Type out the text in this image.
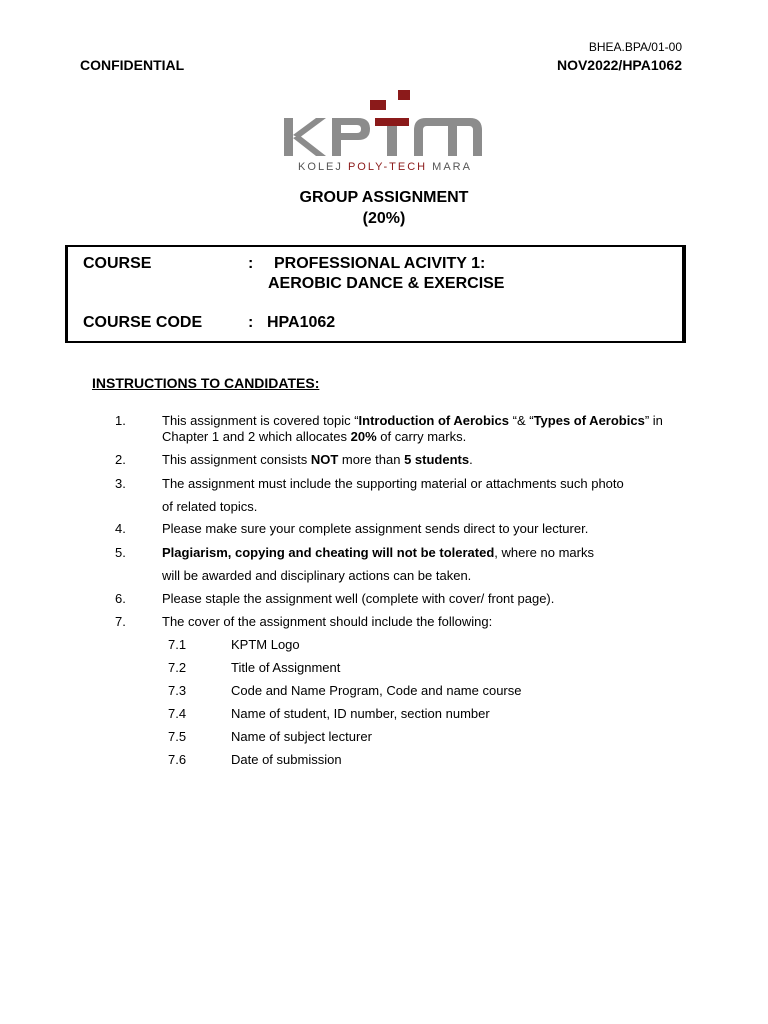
BHEA.BPA/01-00
CONFIDENTIAL	NOV2022/HPA1062
KOLEJ POLY-TECH MARA
GROUP ASSIGNMENT
(20%)
COURSE	: PROFESSIONAL ACIVITY 1:
AEROBIC DANCE & EXERCISE
COURSE CODE	: HPA1062
INSTRUCTIONS TO CANDIDATES:
1.	This assignment is covered topic “Introduction of Aerobics “& “Types of Aerobics” in
Chapter 1 and 2 which allocates 20% of carry marks.
2.	This assignment consists NOT more than 5 students.
3.	The assignment must include the supporting material or attachments such photo
of related topics.
4.	Please make sure your complete assignment sends direct to your lecturer.
5.	Plagiarism, copying and cheating will not be tolerated, where no marks
will be awarded and disciplinary actions can be taken.
6.	Please staple the assignment well (complete with cover/ front page).
7.	The cover of the assignment should include the following:
7.1	KPTM Logo
7.2	Title of Assignment
7.3	Code and Name Program, Code and name course
7.4	Name of student, ID number, section number
7.5	Name of subject lecturer
7.6	Date of submission
